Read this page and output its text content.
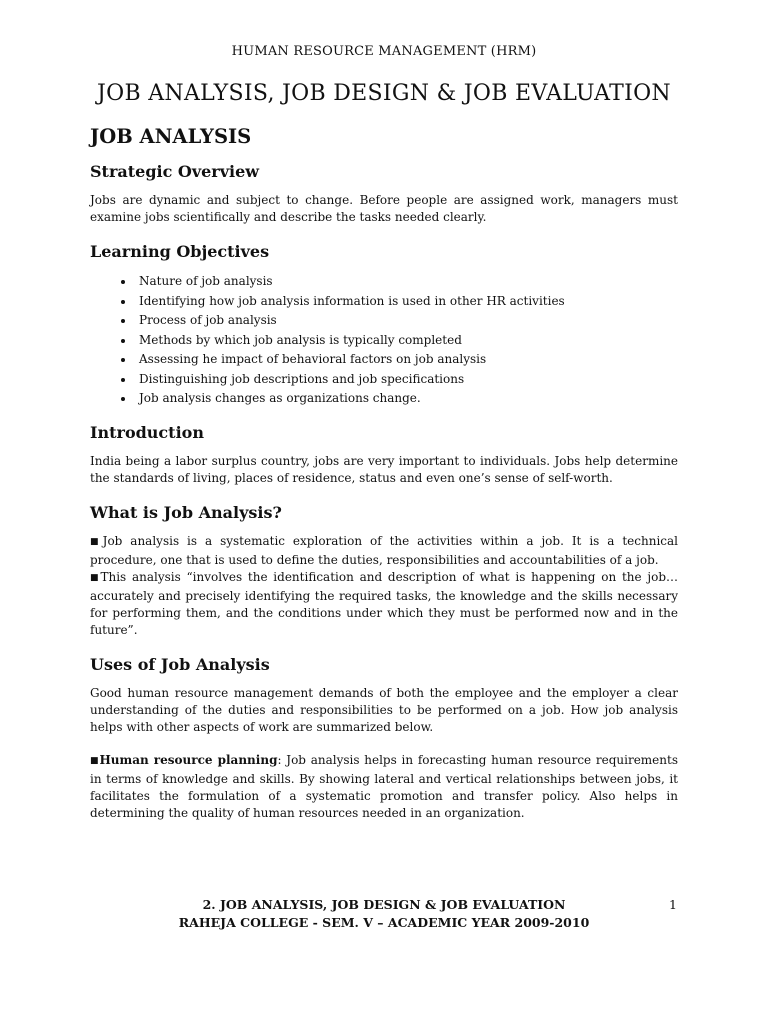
HUMAN RESOURCE MANAGEMENT (HRM)
JOB ANALYSIS, JOB DESIGN & JOB EVALUATION
JOB ANALYSIS
Strategic Overview

Jobs are dynamic and subject to change. Before people are assigned work, managers must examine jobs scientifically and describe the tasks needed clearly.

Learning Objectives
• Nature of job analysis
• Identifying how job analysis information is used in other HR activities
• Process of job analysis
• Methods by which job analysis is typically completed
• Assessing he impact of behavioral factors on job analysis
• Distinguishing job descriptions and job specifications
• Job analysis changes as organizations change.
Introduction

India being a labor surplus country, jobs are very important to individuals. Jobs help determine the standards of living, places of residence, status and even one’s sense of self-worth.

What is Job Analysis?

■Job analysis is a systematic exploration of the activities within a job. It is a technical procedure, one that is used to define the duties, responsibilities and accountabilities of a job.

■This analysis “involves the identification and description of what is happening on the job… accurately and precisely identifying the required tasks, the knowledge and the skills necessary for performing them, and the conditions under which they must be performed now and in the future”.

Uses of Job Analysis

Good human resource management demands of both the employee and the employer a clear understanding of the duties and responsibilities to be performed on a job. How job analysis helps with other aspects of work are summarized below.

■Human resource planning: Job analysis helps in forecasting human resource requirements in terms of knowledge and skills. By showing lateral and vertical relationships between jobs, it facilitates the formulation of a systematic promotion and transfer policy. Also helps in determining the quality of human resources needed in an organization.

2. JOB ANALYSIS, JOB DESIGN & JOB EVALUATION	1
RAHEJA COLLEGE - SEM. V – ACADEMIC YEAR 2009-2010
